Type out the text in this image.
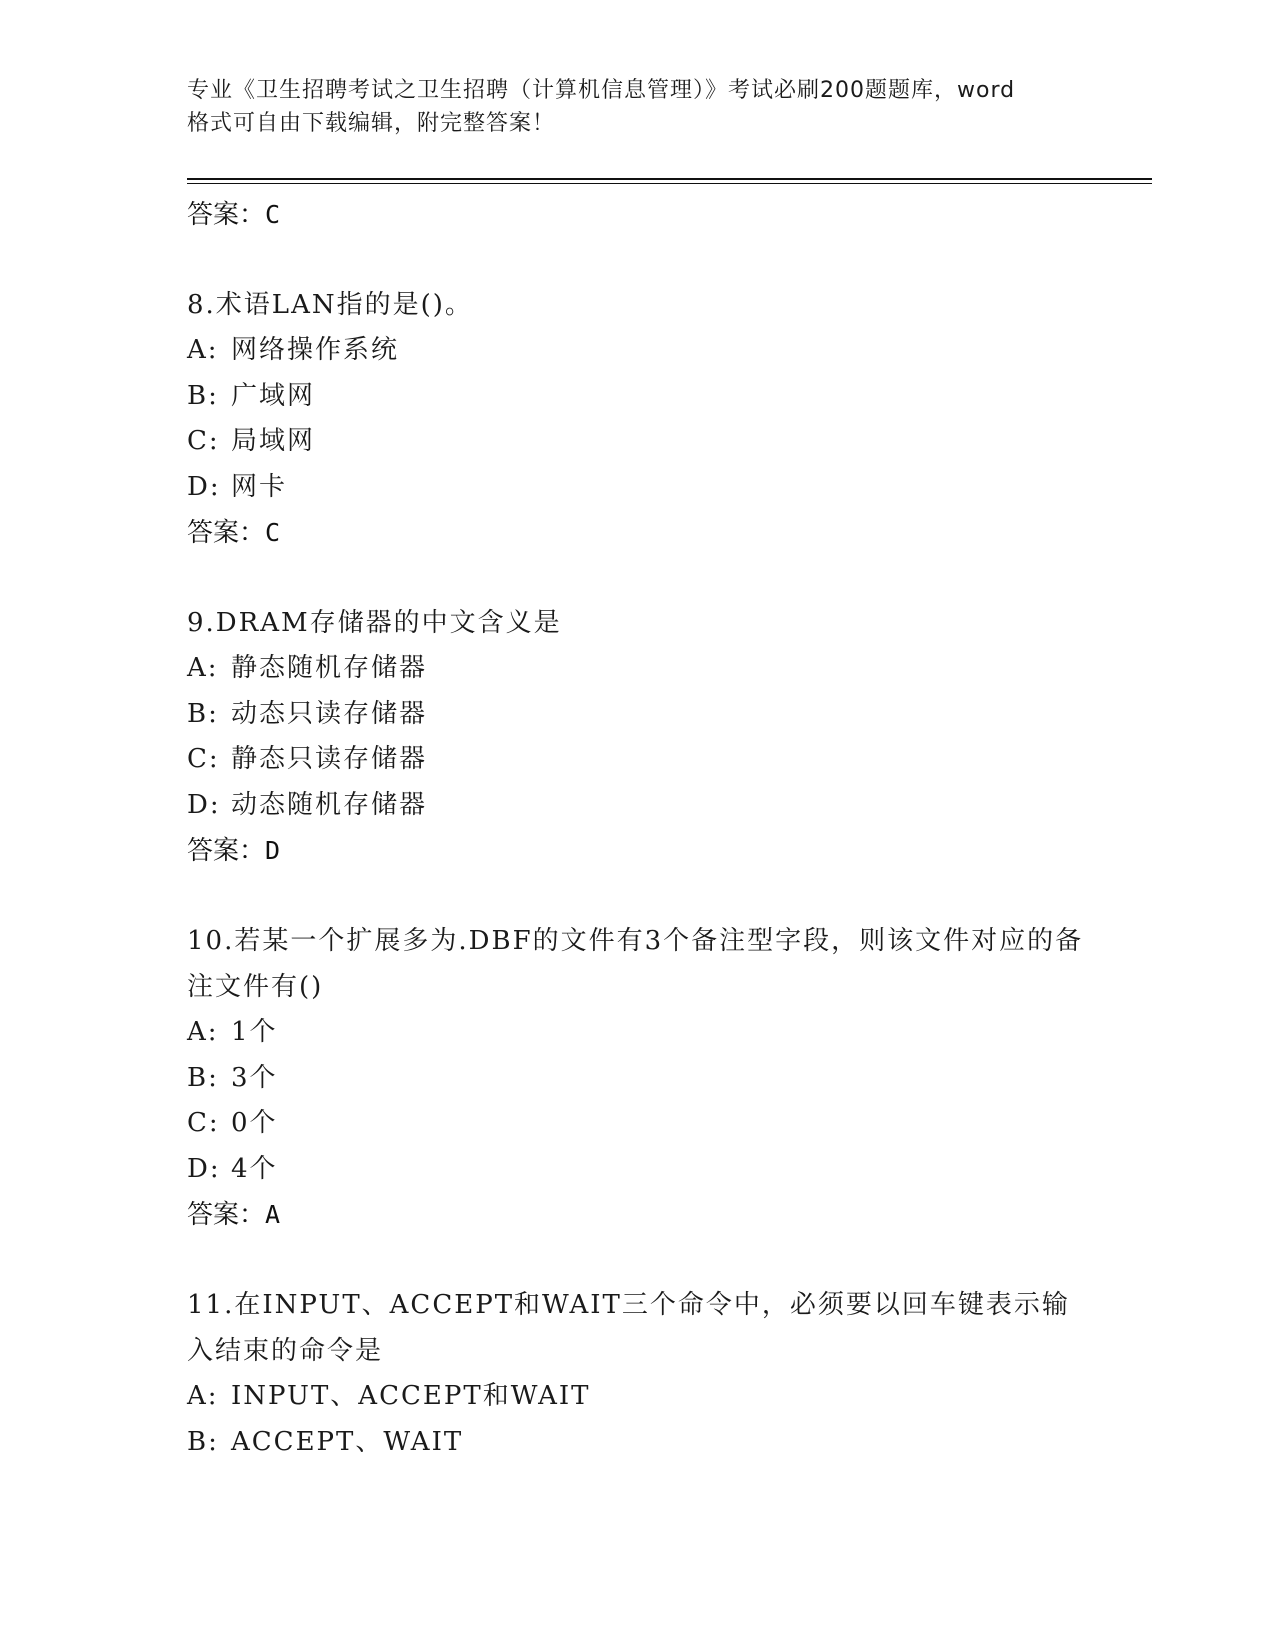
专业《卫生招聘考试之卫生招聘（计算机信息管理）》考试必刷200题题库，word
格式可自由下载编辑，附完整答案！
答案：C
8.术语LAN指的是()。
A: 网络操作系统
B: 广域网
C: 局域网
D: 网卡
答案：C
9.DRAM存储器的中文含义是
A: 静态随机存储器
B: 动态只读存储器
C: 静态只读存储器
D: 动态随机存储器
答案：D
10.若某一个扩展多为.DBF的文件有3个备注型字段，则该文件对应的备注文件有()
A: 1个
B: 3个
C: 0个
D: 4个
答案：A
11.在INPUT、ACCEPT和WAIT三个命令中，必须要以回车键表示输入结束的命令是
A: INPUT、ACCEPT和WAIT
B: ACCEPT、WAIT
